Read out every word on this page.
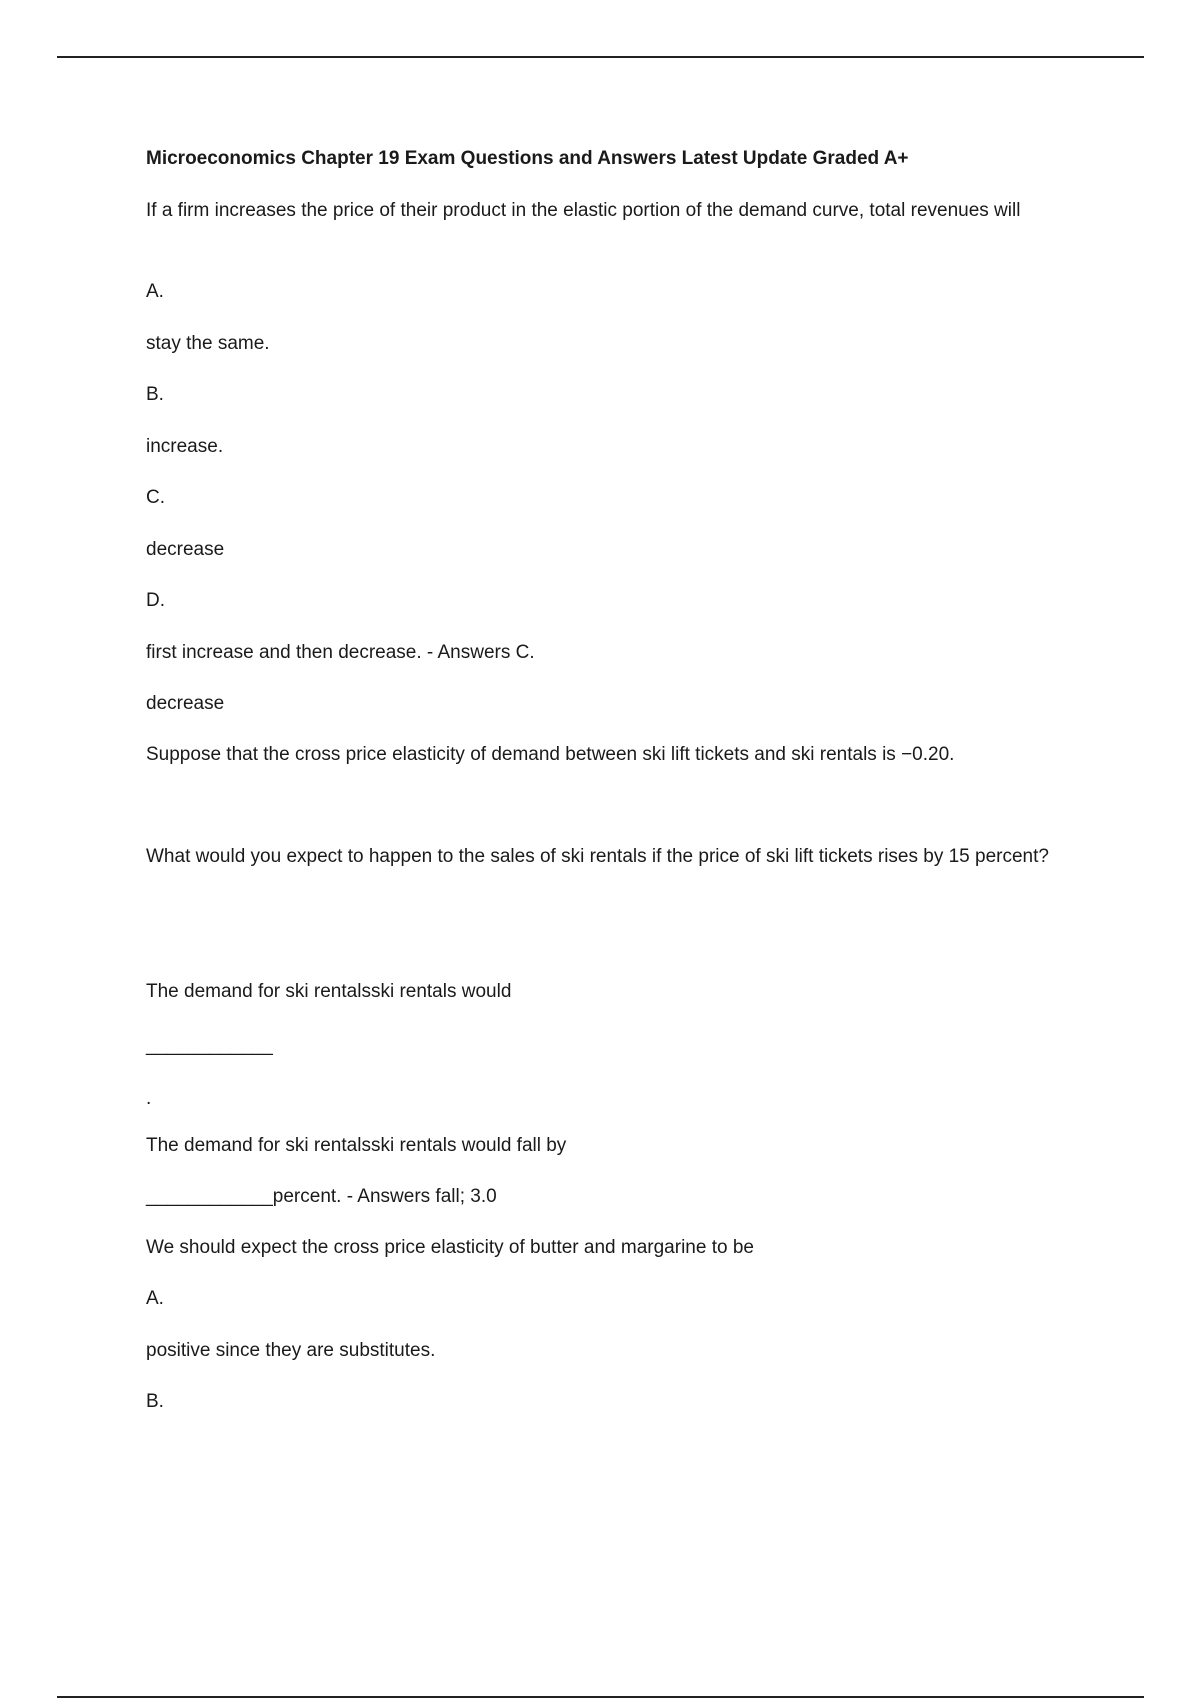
Microeconomics Chapter 19 Exam Questions and Answers Latest Update Graded A+
If a firm increases the price of their product in the elastic portion of the demand curve, total revenues will
A.
stay the same.
B.
increase.
C.
decrease
D.
first increase and then decrease. - Answers C.
decrease
Suppose that the cross price elasticity of demand between ski lift tickets and ski rentals is −0.20.
What would you expect to happen to the sales of ski rentals if the price of ski lift tickets rises by 15 percent?
The demand for ski rentalsski rentals would
____________
.
The demand for ski rentalsski rentals would fall by
____________percent. - Answers fall; 3.0
We should expect the cross price elasticity of butter and margarine to be
A.
positive since they are substitutes.
B.
